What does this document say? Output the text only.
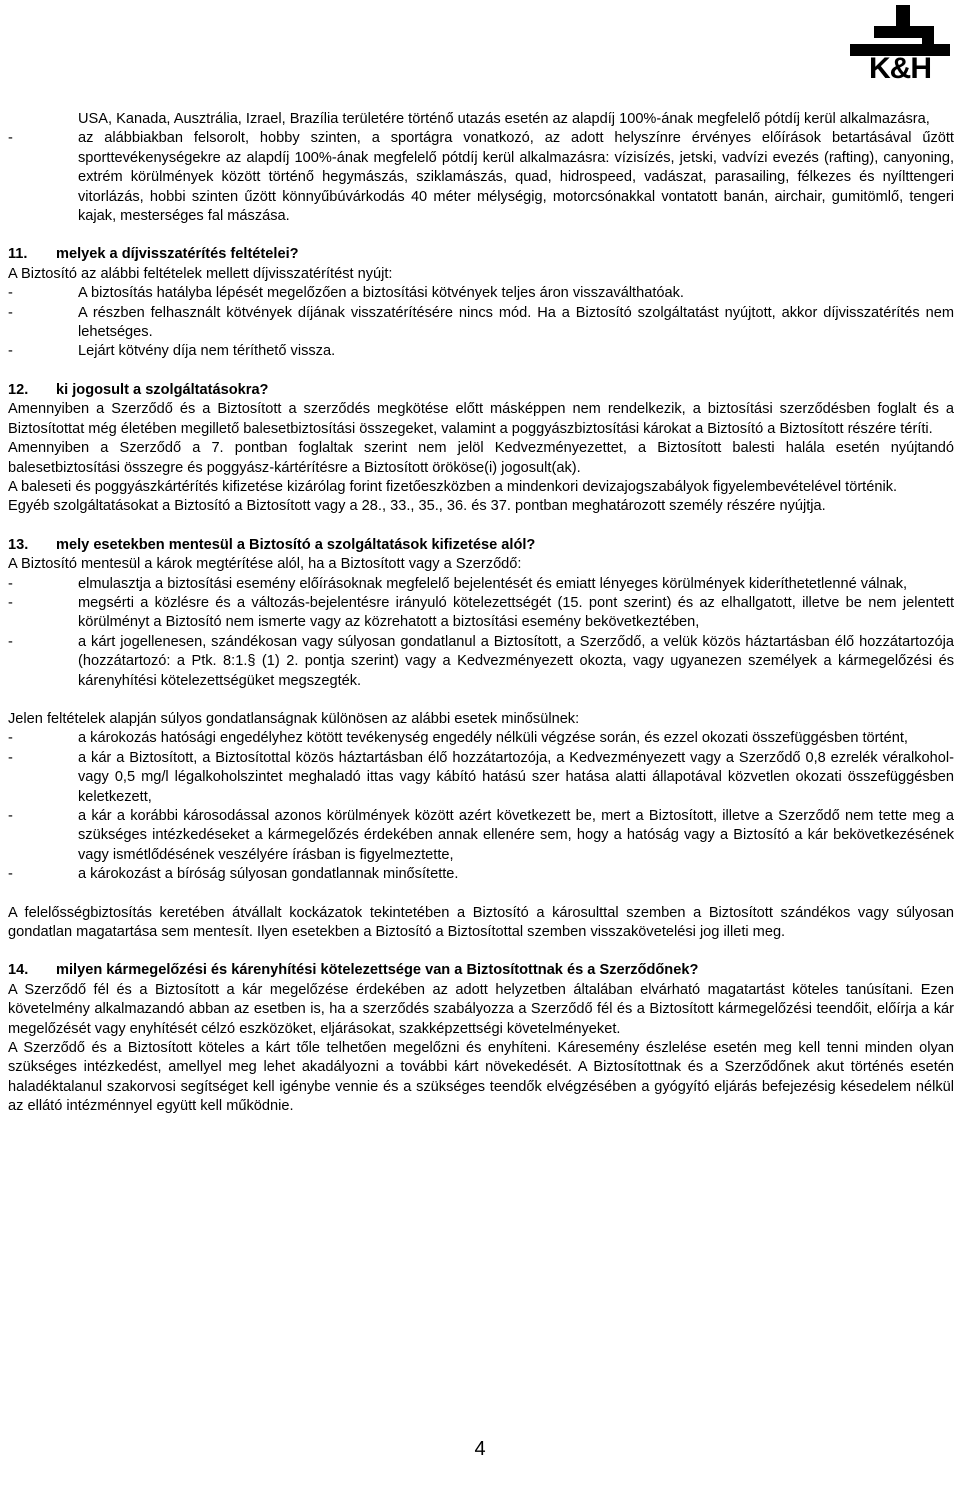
K&H

USA, Kanada, Ausztrália, Izrael, Brazília területére történő utazás esetén az alapdíj 100%-ának megfelelő pótdíj kerül alkalmazásra,

-	az alábbiakban felsorolt, hobby szinten, a sportágra vonatkozó, az adott helyszínre érvényes előírások betartásával űzött sporttevékenységekre az alapdíj 100%-ának megfelelő pótdíj kerül alkalmazásra: vízisízés, jetski, vadvízi evezés (rafting), canyoning, extrém körülmények között történő hegymászás, sziklamászás, quad, hidrospeed, vadászat, parasailing, félkezes és nyílttengeri vitorlázás, hobbi szinten űzött könnyűbúvárkodás 40 méter mélységig, motorcsónakkal vontatott banán, airchair, gumitömlő, tengeri kajak, mesterséges fal mászása.
11. melyek a díjvisszatérítés feltételei?

A Biztosító az alábbi feltételek mellett díjvisszatérítést nyújt:

-	A biztosítás hatályba lépését megelőzően a biztosítási kötvények teljes áron visszaválthatóak.
-	A részben felhasznált kötvények díjának visszatérítésére nincs mód. Ha a Biztosító szolgáltatást nyújtott, akkor díjvisszatérítés nem lehetséges.
-	Lejárt kötvény díja nem téríthető vissza.
12. ki jogosult a szolgáltatásokra?

Amennyiben a Szerződő és a Biztosított a szerződés megkötése előtt másképpen nem rendelkezik, a biztosítási szerződésben foglalt és a Biztosítottat még életében megillető balesetbiztosítási összegeket, valamint a poggyászbiztosítási károkat a Biztosító a Biztosított részére téríti.

Amennyiben a Szerződő a 7. pontban foglaltak szerint nem jelöl Kedvezményezettet, a Biztosított balesti halála esetén nyújtandó balesetbiztosítási összegre és poggyász-kártérítésre a Biztosított örököse(i) jogosult(ak).

A baleseti és poggyászkártérítés kifizetése kizárólag forint fizetőeszközben a mindenkori devizajogszabályok figyelembevételével történik.

Egyéb szolgáltatásokat a Biztosító a Biztosított vagy a 28., 33., 35., 36. és 37. pontban meghatározott személy részére nyújtja.

13. mely esetekben mentesül a Biztosító a szolgáltatások kifizetése alól?

A Biztosító mentesül a károk megtérítése alól, ha a Biztosított vagy a Szerződő:

-	elmulasztja a biztosítási esemény előírásoknak megfelelő bejelentését és emiatt lényeges körülmények kideríthetetlenné válnak,
-	megsérti a közlésre és a változás-bejelentésre irányuló kötelezettségét (15. pont szerint) és az elhallgatott, illetve be nem jelentett körülményt a Biztosító nem ismerte vagy az közrehatott a biztosítási esemény bekövetkeztében,
-	a kárt jogellenesen, szándékosan vagy súlyosan gondatlanul a Biztosított, a Szerződő, a velük közös háztartásban élő hozzátartozója (hozzátartozó: a Ptk. 8:1.§ (1) 2. pontja szerint) vagy a Kedvezményezett okozta, vagy ugyanezen személyek a kármegelőzési és kárenyhítési kötelezettségüket megszegték.

Jelen feltételek alapján súlyos gondatlanságnak különösen az alábbi esetek minősülnek:

-	a károkozás hatósági engedélyhez kötött tevékenység engedély nélküli végzése során, és ezzel okozati összefüggésben történt,
-	a kár a Biztosított, a Biztosítottal közös háztartásban élő hozzátartozója, a Kedvezményezett vagy a Szerződő 0,8 ezrelék véralkohol- vagy 0,5 mg/l légalkoholszintet meghaladó ittas vagy kábító hatású szer hatása alatti állapotával közvetlen okozati összefüggésben keletkezett,
-	a kár a korábbi károsodással azonos körülmények között azért következett be, mert a Biztosított, illetve a Szerződő nem tette meg a szükséges intézkedéseket a kármegelőzés érdekében annak ellenére sem, hogy a hatóság vagy a Biztosító a kár bekövetkezésének vagy ismétlődésének veszélyére írásban is figyelmeztette,
-	a károkozást a bíróság súlyosan gondatlannak minősítette.

A felelősségbiztosítás keretében átvállalt kockázatok tekintetében a Biztosító a károsulttal szemben a Biztosított szándékos vagy súlyosan gondatlan magatartása sem mentesít. Ilyen esetekben a Biztosító a Biztosítottal szemben visszakövetelési jog illeti meg.

14. milyen kármegelőzési és kárenyhítési kötelezettsége van a Biztosítottnak és a Szerződőnek?

A Szerződő fél és a Biztosított a kár megelőzése érdekében az adott helyzetben általában elvárható magatartást köteles tanúsítani. Ezen követelmény alkalmazandó abban az esetben is, ha a szerződés szabályozza a Szerződő fél és a Biztosított kármegelőzési teendőit, előírja a kár megelőzését vagy enyhítését célzó eszközöket, eljárásokat, szakképzettségi követelményeket.

A Szerződő és a Biztosított köteles a kárt tőle telhetően megelőzni és enyhíteni. Káresemény észlelése esetén meg kell tenni minden olyan szükséges intézkedést, amellyel meg lehet akadályozni a további kárt növekedését. A Biztosítottnak és a Szerződőnek akut történés esetén haladéktalanul szakorvosi segítséget kell igénybe vennie és a szükséges teendők elvégzésében a gyógyító eljárás befejezésig késedelem nélkül az ellátó intézménnyel együtt kell működnie.

4
